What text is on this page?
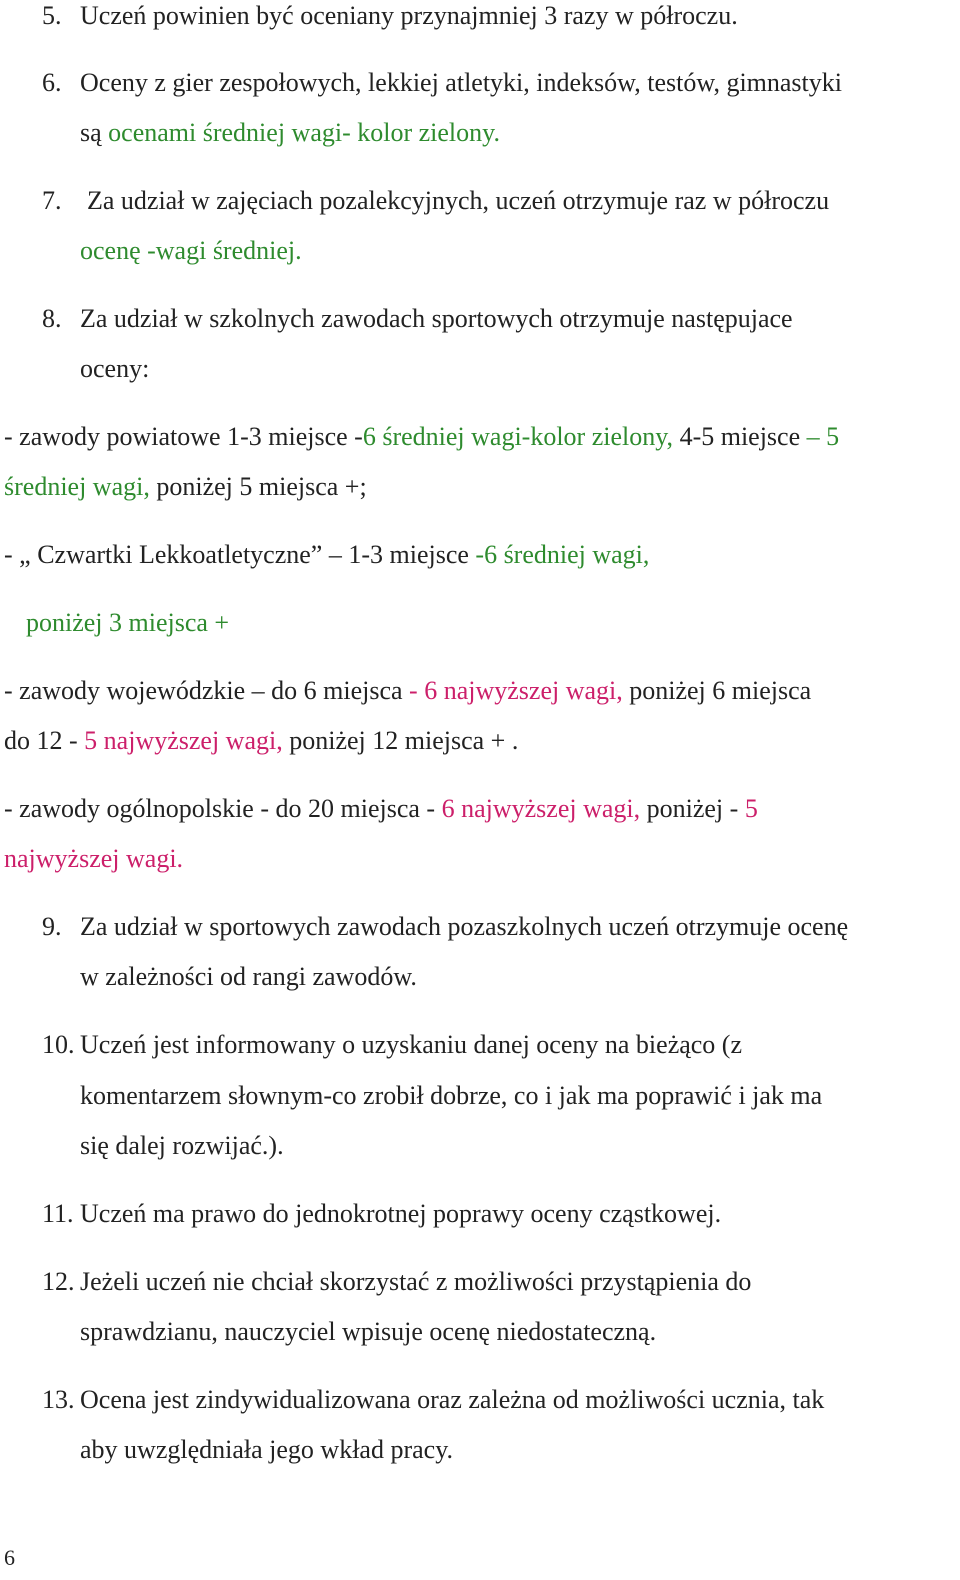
5. Uczeń powinien być oceniany przynajmniej 3 razy w półroczu.
6. Oceny z gier zespołowych, lekkiej atletyki, indeksów, testów, gimnastyki
są ocenami średniej wagi- kolor zielony.
7. Za udział w zajęciach pozalekcyjnych, uczeń otrzymuje raz w półroczu
ocenę -wagi średniej.
8. Za udział w szkolnych zawodach sportowych otrzymuje następujace
oceny:
- zawody powiatowe 1-3 miejsce -6 średniej wagi-kolor zielony, 4-5 miejsce – 5
średniej wagi, poniżej 5 miejsca +;
- „ Czwartki Lekkoatletyczne” – 1-3 miejsce -6 średniej wagi,
poniżej 3 miejsca +
- zawody wojewódzkie – do 6 miejsca - 6 najwyższej wagi, poniżej 6 miejsca
do 12 - 5 najwyższej wagi, poniżej 12 miejsca + .
- zawody ogólnopolskie - do 20 miejsca - 6 najwyższej wagi, poniżej - 5
najwyższej wagi.
9. Za udział w sportowych zawodach pozaszkolnych uczeń otrzymuje ocenę
w zależności od rangi zawodów.
10. Uczeń jest informowany o uzyskaniu danej oceny na bieżąco (z
komentarzem słownym-co zrobił dobrze, co i jak ma poprawić i jak ma
się dalej rozwijać.).
11. Uczeń ma prawo do jednokrotnej poprawy oceny cząstkowej.
12. Jeżeli uczeń nie chciał skorzystać z możliwości przystąpienia do
sprawdzianu, nauczyciel wpisuje ocenę niedostateczną.
13. Ocena jest zindywidualizowana oraz zależna od możliwości ucznia, tak
aby uwzględniała jego wkład pracy.
6
